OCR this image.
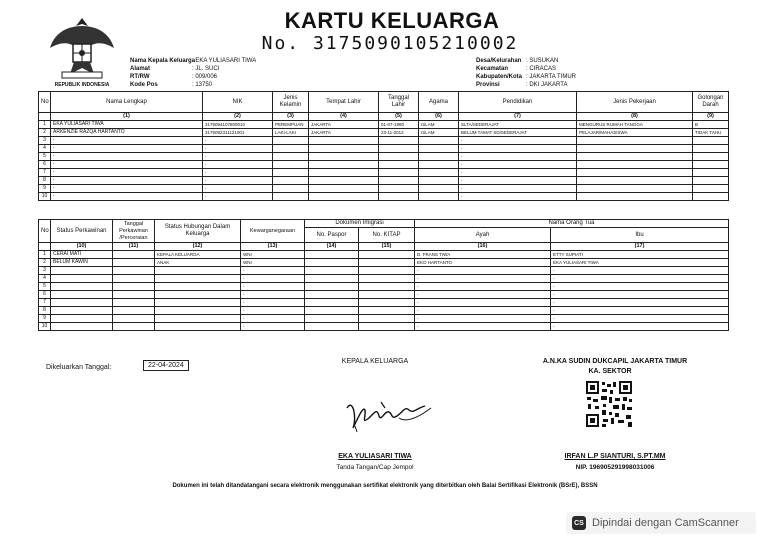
REPUBLIK INDONESIA
KARTU KELUARGA
No. 3175090105210002
Nama Kepala Keluarga: EKA YULIASARI TIWA
Alamat	: JL. SUCI
RT/RW	: 009/006
Kode Pos	: 13750
Desa/Kelurahan : SUSUKAN
Kecamatan	: CIRACAS
Kabupaten/Kota : JAKARTA TIMUR
Provinsi	: DKI JAKARTA
No	Nama Lengkap	NIK	Jenis Kelamin	Tempat Lahir	Tanggal Lahir	Agama	Pendidikan	Jenis Pekerjaan	Golongan Darah
	(1)	(2)	(3)	(4)	(5)	(6)	(7)	(8)	(9)
1	EKA YULIASARI TIWA	3175094107800010	PEREMPUAN	JAKARTA	01-07-1980	ISLAM	SLTA/SEDERAJAT	MENGURUS RUMAH TANGGA	B
2	ARKENZIE RAZQA HARTANTO	3175092311121001	LAKI-LAKI	JAKARTA	23-11-2012	ISLAM	BELUM TAMAT SD/SEDERAJAT	PELAJAR/MAHASISWA	TIDAK TAHU
3	-	-					-		
4	-	-					-		
5	-	-					-		
6	-	-					-		
7	-	-					-		
8	-	-					-		
9	-	-					-		
10	-	-					-		
No	Status Perkawinan	Tanggal Perkawinan /Perceraian	Status Hubungan Dalam Keluarga	Kewarganegaraan	Dokumen Imigrasi		Nama Orang Tua	
					No. Paspor	No. KITAP	Ayah	Ibu
	(10)	(11)	(12)	(13)	(14)	(15)	(16)	(17)
1	CERAI MATI		KEPALA KELUARGA	WNI			D. FRANS TIWA	ETTY SUPIATI
2	BELUM KAWIN		ANAK	WNI			EKO HARTANTO	EKA YULIASARI TIWA
3				-			-	-
4				-			-	-
5				-			-	-
6				-			-	-
7				-			-	-
8				-			-	-
9				-			-	-
10				-			-	-
Dikeluarkan Tanggal:	22-04-2024
KEPALA KELUARGA	A.N.KA SUDIN DUKCAPIL JAKARTA TIMUR
KA. SEKTOR
EKA YULIASARI TIWA
Tanda Tangan/Cap Jempol
IRFAN L.P SIANTURI, S.PT.MM
NIP. 196905291998031006
Dokumen ini telah ditandatangani secara elektronik menggunakan sertifikat elektronik yang diterbitkan oleh Balai Sertifikasi Elektronik (BSrE), BSSN
CS Dipindai dengan CamScanner
